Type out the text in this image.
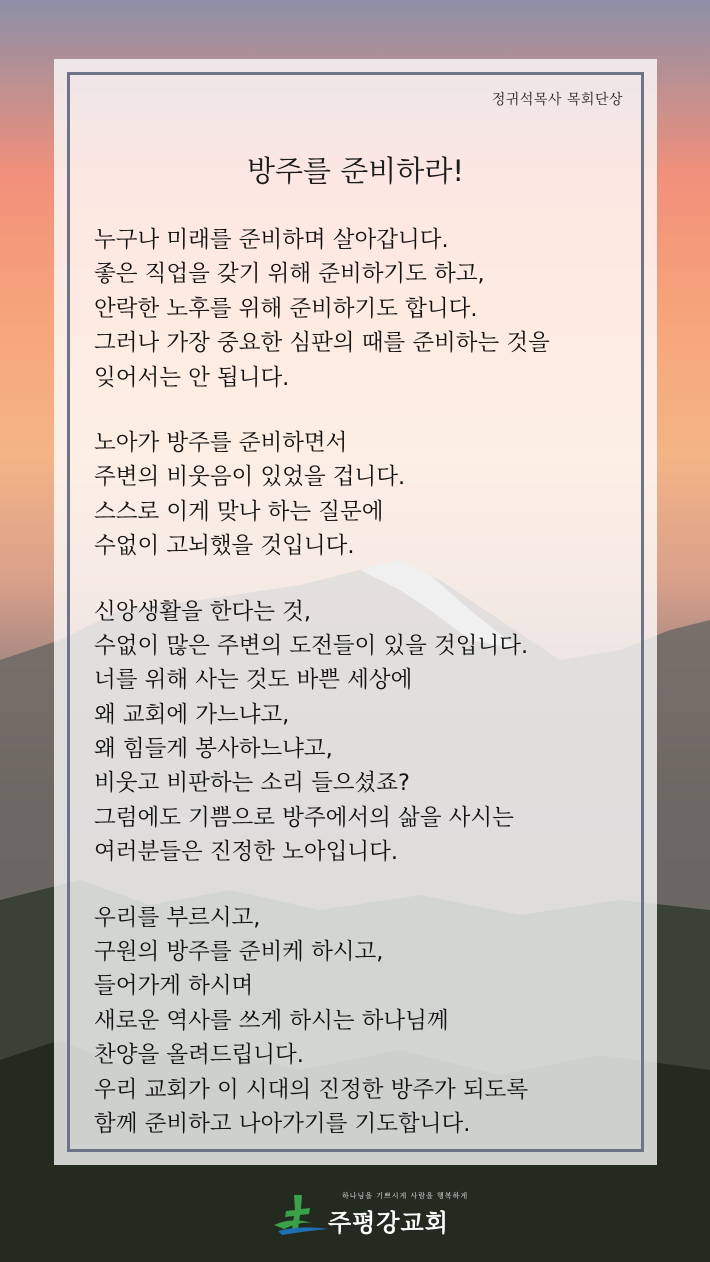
정귀석목사 목회단상
방주를 준비하라!
누구나 미래를 준비하며 살아갑니다.
좋은 직업을 갖기 위해 준비하기도 하고,
안락한 노후를 위해 준비하기도 합니다.
그러나 가장 중요한 심판의 때를 준비하는 것을
잊어서는 안 됩니다.
노아가 방주를 준비하면서
주변의 비웃음이 있었을 겁니다.
스스로 이게 맞나 하는 질문에
수없이 고뇌했을 것입니다.
신앙생활을 한다는 것,
수없이 많은 주변의 도전들이 있을 것입니다.
너를 위해 사는 것도 바쁜 세상에
왜 교회에 가느냐고,
왜 힘들게 봉사하느냐고,
비웃고 비판하는 소리 들으셨죠?
그럼에도 기쁨으로 방주에서의 삶을 사시는
여러분들은 진정한 노아입니다.
우리를 부르시고,
구원의 방주를 준비케 하시고,
들어가게 하시며
새로운 역사를 쓰게 하시는 하나님께
찬양을 올려드립니다.
우리 교회가 이 시대의 진정한 방주가 되도록
함께 준비하고 나아가기를 기도합니다.
하나님을 기쁘시게 사람을 행복하게
주평강교회
